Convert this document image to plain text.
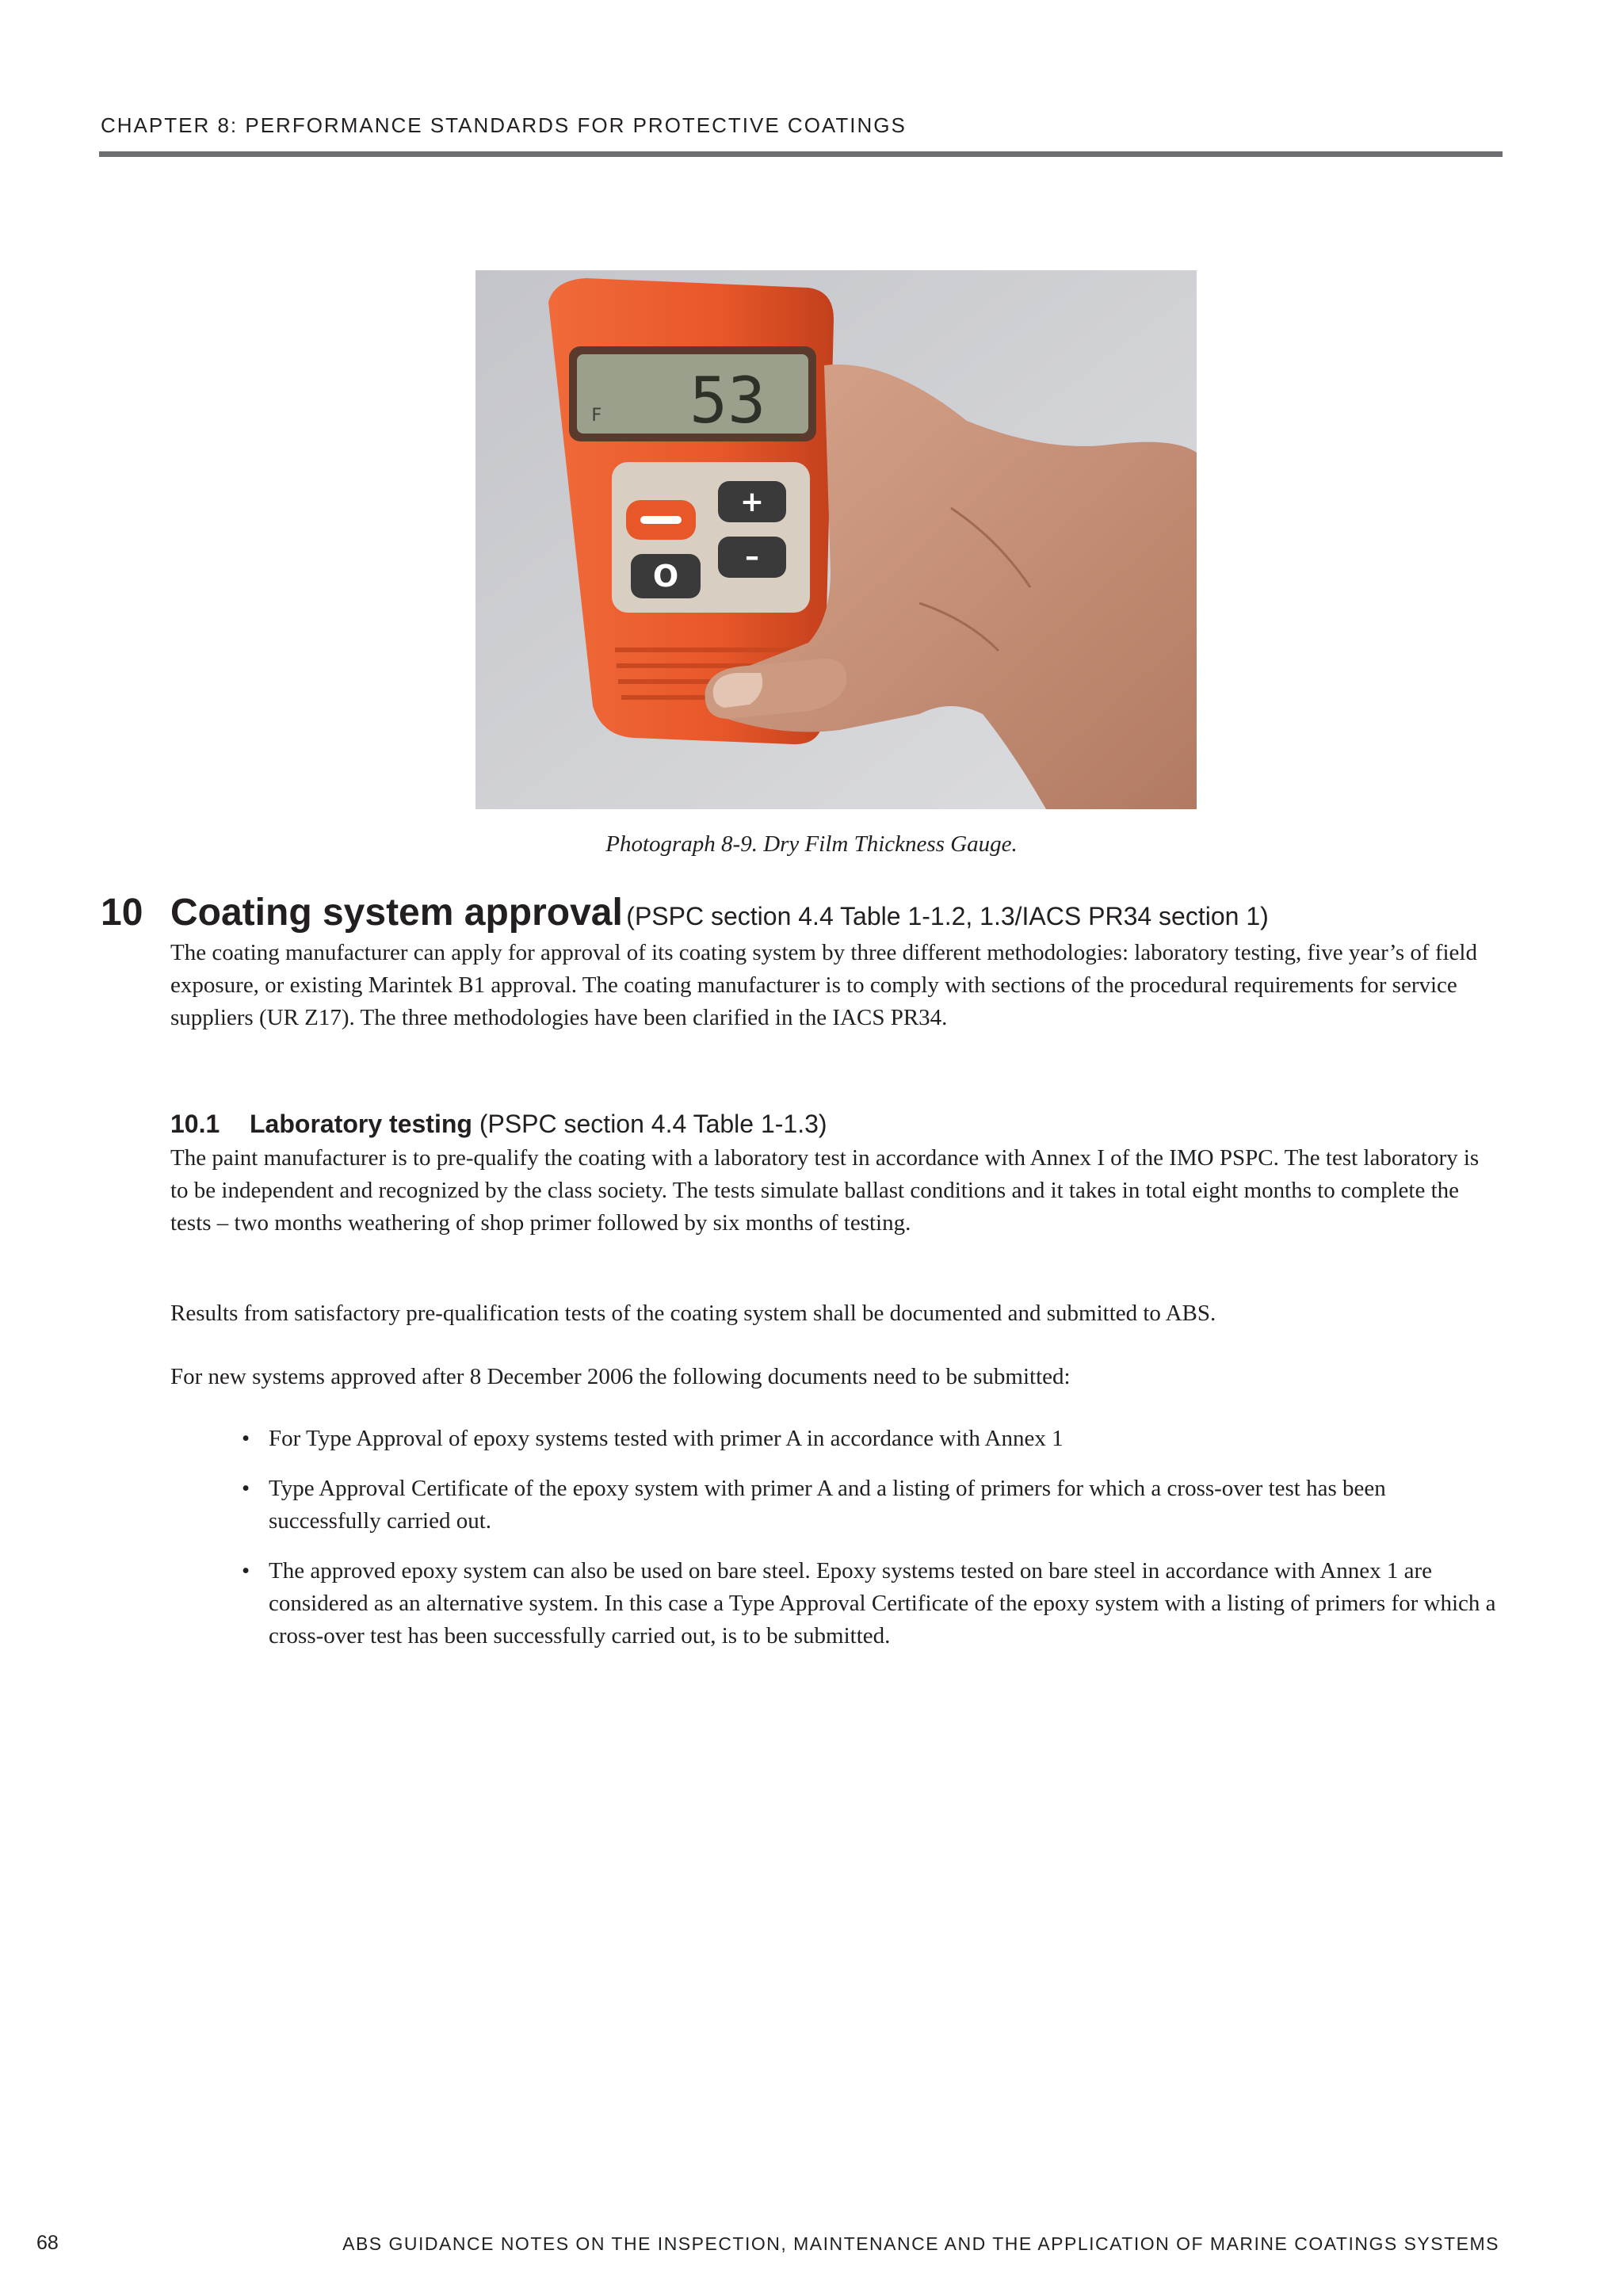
CHAPTER 8: PERFORMANCE STANDARDS FOR PROTECTIVE COATINGS
F 53
+
–
O
Photograph 8-9. Dry Film Thickness Gauge.
10 Coating system approval (PSPC section 4.4 Table 1-1.2, 1.3/IACS PR34 section 1)

The coating manufacturer can apply for approval of its coating system by three different methodologies: laboratory testing, five year’s of field exposure, or existing Marintek B1 approval. The coating manufacturer is to comply with sections of the procedural requirements for service suppliers (UR Z17). The three methodologies have been clarified in the IACS PR34.

10.1 Laboratory testing (PSPC section 4.4 Table 1-1.3)

The paint manufacturer is to pre-qualify the coating with a laboratory test in accordance with Annex I of the IMO PSPC. The test laboratory is to be independent and recognized by the class society. The tests simulate ballast conditions and it takes in total eight months to complete the tests – two months weathering of shop primer followed by six months of testing.

Results from satisfactory pre-qualification tests of the coating system shall be documented and submitted to ABS.

For new systems approved after 8 December 2006 the following documents need to be submitted:

• For Type Approval of epoxy systems tested with primer A in accordance with Annex 1
• Type Approval Certificate of the epoxy system with primer A and a listing of primers for which a cross-over test has been successfully carried out.
• The approved epoxy system can also be used on bare steel. Epoxy systems tested on bare steel in accordance with Annex 1 are considered as an alternative system. In this case a Type Approval Certificate of the epoxy system with a listing of primers for which a cross-over test has been successfully carried out, is to be submitted.
68	ABS GUIDANCE NOTES ON THE INSPECTION, MAINTENANCE AND THE APPLICATION OF MARINE COATINGS SYSTEMS
